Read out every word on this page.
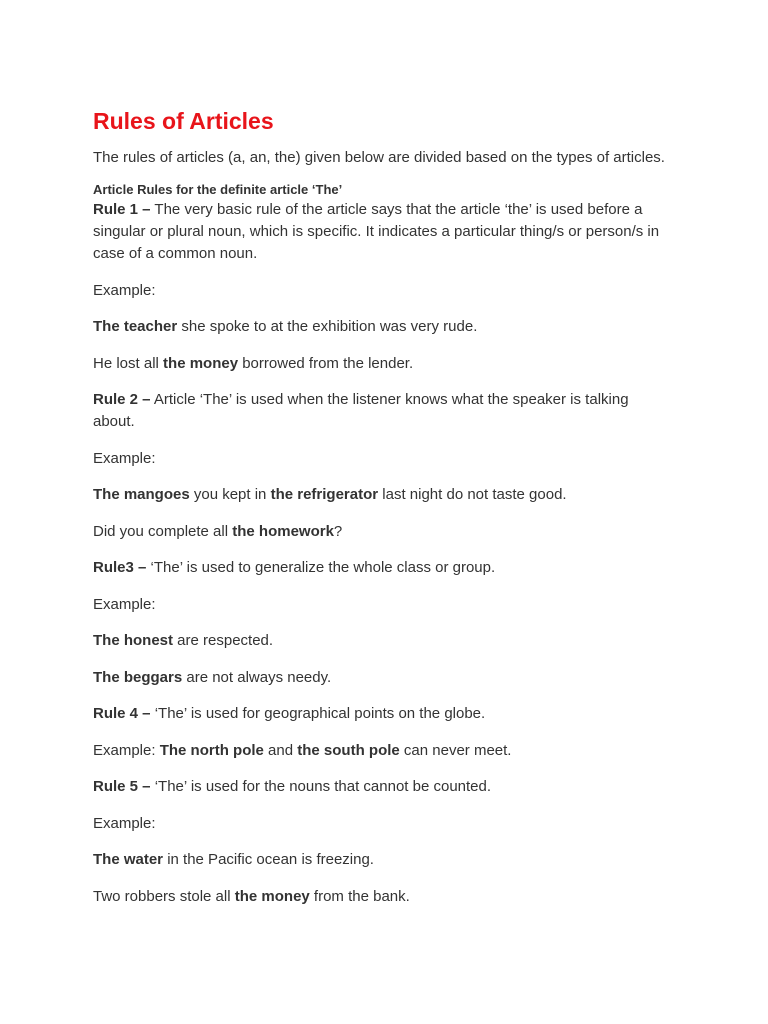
Rules of Articles

The rules of articles (a, an, the) given below are divided based on the types of articles.

Article Rules for the definite article ‘The’

Rule 1 – The very basic rule of the article says that the article ‘the’ is used before a singular or plural noun, which is specific. It indicates a particular thing/s or person/s in case of a common noun.

Example:

The teacher she spoke to at the exhibition was very rude.

He lost all the money borrowed from the lender.

Rule 2 – Article ‘The’ is used when the listener knows what the speaker is talking about.

Example:

The mangoes you kept in the refrigerator last night do not taste good.

Did you complete all the homework?

Rule3 – ‘The’ is used to generalize the whole class or group.

Example:

The honest are respected.

The beggars are not always needy.

Rule 4 – ‘The’ is used for geographical points on the globe.

Example: The north pole and the south pole can never meet.

Rule 5 – ‘The’ is used for the nouns that cannot be counted.

Example:

The water in the Pacific ocean is freezing.

Two robbers stole all the money from the bank.
